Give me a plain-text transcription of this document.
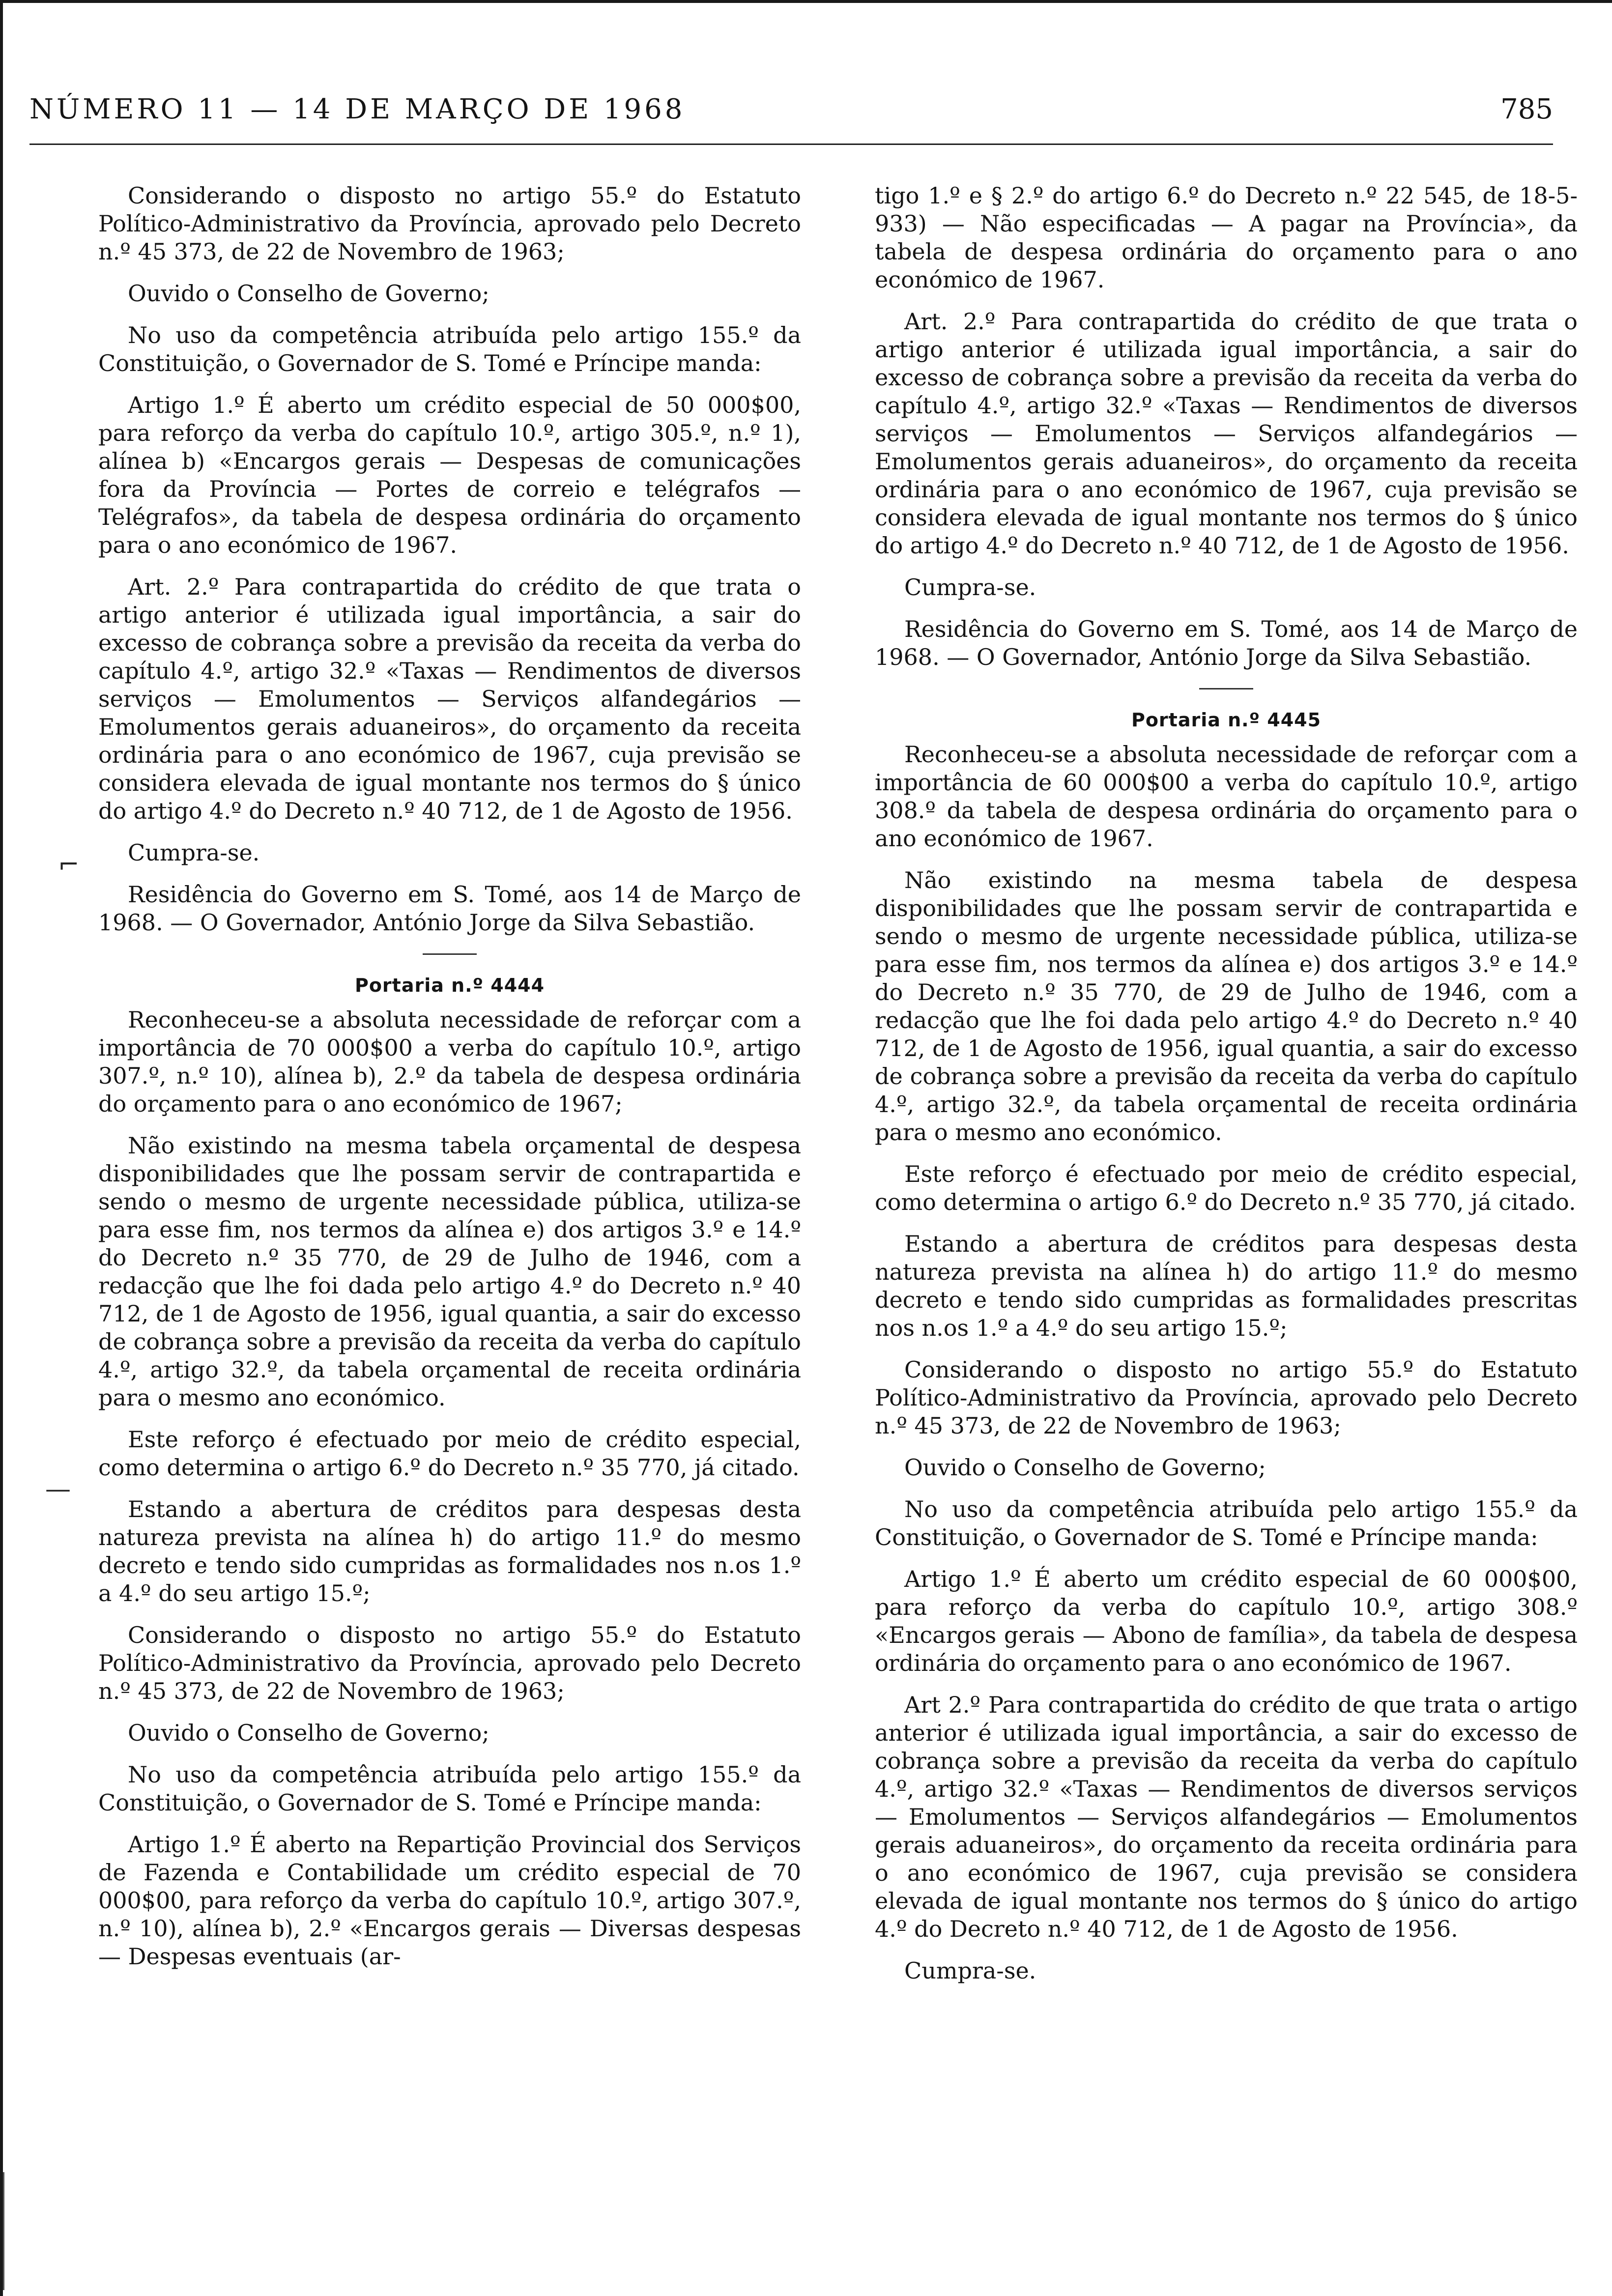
NÚMERO 11 — 14 DE MARÇO DE 1968	785
⌐
—

Considerando o disposto no artigo 55.º do Estatuto Político-Administrativo da Província, aprovado pelo Decreto n.º 45 373, de 22 de Novembro de 1963;

Ouvido o Conselho de Governo;

No uso da competência atribuída pelo artigo 155.º da Constituição, o Governador de S. Tomé e Príncipe manda:

Artigo 1.º É aberto um crédito especial de 50 000$00, para reforço da verba do capítulo 10.º, artigo 305.º, n.º 1), alínea b) «Encargos gerais — Despesas de comunicações fora da Província — Portes de correio e telégrafos — Telégrafos», da tabela de despesa ordinária do orçamento para o ano económico de 1967.

Art. 2.º Para contrapartida do crédito de que trata o artigo anterior é utilizada igual importância, a sair do excesso de cobrança sobre a previsão da receita da verba do capítulo 4.º, artigo 32.º «Taxas — Rendimentos de diversos serviços — Emolumentos — Serviços alfandegários — Emolumentos gerais aduaneiros», do orçamento da receita ordinária para o ano económico de 1967, cuja previsão se considera elevada de igual montante nos termos do § único do artigo 4.º do Decreto n.º 40 712, de 1 de Agosto de 1956.

Cumpra-se.

Residência do Governo em S. Tomé, aos 14 de Março de 1968. — O Governador, António Jorge da Silva Sebastião.

Portaria n.º 4444

Reconheceu-se a absoluta necessidade de reforçar com a importância de 70 000$00 a verba do capítulo 10.º, artigo 307.º, n.º 10), alínea b), 2.º da tabela de despesa ordinária do orçamento para o ano económico de 1967;

Não existindo na mesma tabela orçamental de despesa disponibilidades que lhe possam servir de contrapartida e sendo o mesmo de urgente necessidade pública, utiliza-se para esse fim, nos termos da alínea e) dos artigos 3.º e 14.º do Decreto n.º 35 770, de 29 de Julho de 1946, com a redacção que lhe foi dada pelo artigo 4.º do Decreto n.º 40 712, de 1 de Agosto de 1956, igual quantia, a sair do excesso de cobrança sobre a previsão da receita da verba do capítulo 4.º, artigo 32.º, da tabela orçamental de receita ordinária para o mesmo ano económico.

Este reforço é efectuado por meio de crédito especial, como determina o artigo 6.º do Decreto n.º 35 770, já citado.

Estando a abertura de créditos para despesas desta natureza prevista na alínea h) do artigo 11.º do mesmo decreto e tendo sido cumpridas as formalidades nos n.os 1.º a 4.º do seu artigo 15.º;

Considerando o disposto no artigo 55.º do Estatuto Político-Administrativo da Província, aprovado pelo Decreto n.º 45 373, de 22 de Novembro de 1963;

Ouvido o Conselho de Governo;

No uso da competência atribuída pelo artigo 155.º da Constituição, o Governador de S. Tomé e Príncipe manda:

Artigo 1.º É aberto na Repartição Provincial dos Serviços de Fazenda e Contabilidade um crédito especial de 70 000$00, para reforço da verba do capítulo 10.º, artigo 307.º, n.º 10), alínea b), 2.º «Encargos gerais — Diversas despesas — Despesas eventuais (ar-

tigo 1.º e § 2.º do artigo 6.º do Decreto n.º 22 545, de 18-5-933) — Não especificadas — A pagar na Província», da tabela de despesa ordinária do orçamento para o ano económico de 1967.

Art. 2.º Para contrapartida do crédito de que trata o artigo anterior é utilizada igual importância, a sair do excesso de cobrança sobre a previsão da receita da verba do capítulo 4.º, artigo 32.º «Taxas — Rendimentos de diversos serviços — Emolumentos — Serviços alfandegários — Emolumentos gerais aduaneiros», do orçamento da receita ordinária para o ano económico de 1967, cuja previsão se considera elevada de igual montante nos termos do § único do artigo 4.º do Decreto n.º 40 712, de 1 de Agosto de 1956.

Cumpra-se.

Residência do Governo em S. Tomé, aos 14 de Março de 1968. — O Governador, António Jorge da Silva Sebastião.

Portaria n.º 4445

Reconheceu-se a absoluta necessidade de reforçar com a importância de 60 000$00 a verba do capítulo 10.º, artigo 308.º da tabela de despesa ordinária do orçamento para o ano económico de 1967.

Não existindo na mesma tabela de despesa disponibilidades que lhe possam servir de contrapartida e sendo o mesmo de urgente necessidade pública, utiliza-se para esse fim, nos termos da alínea e) dos artigos 3.º e 14.º do Decreto n.º 35 770, de 29 de Julho de 1946, com a redacção que lhe foi dada pelo artigo 4.º do Decreto n.º 40 712, de 1 de Agosto de 1956, igual quantia, a sair do excesso de cobrança sobre a previsão da receita da verba do capítulo 4.º, artigo 32.º, da tabela orçamental de receita ordinária para o mesmo ano económico.

Este reforço é efectuado por meio de crédito especial, como determina o artigo 6.º do Decreto n.º 35 770, já citado.

Estando a abertura de créditos para despesas desta natureza prevista na alínea h) do artigo 11.º do mesmo decreto e tendo sido cumpridas as formalidades prescritas nos n.os 1.º a 4.º do seu artigo 15.º;

Considerando o disposto no artigo 55.º do Estatuto Político-Administrativo da Província, aprovado pelo Decreto n.º 45 373, de 22 de Novembro de 1963;

Ouvido o Conselho de Governo;

No uso da competência atribuída pelo artigo 155.º da Constituição, o Governador de S. Tomé e Príncipe manda:

Artigo 1.º É aberto um crédito especial de 60 000$00, para reforço da verba do capítulo 10.º, artigo 308.º «Encargos gerais — Abono de família», da tabela de despesa ordinária do orçamento para o ano económico de 1967.

Art 2.º Para contrapartida do crédito de que trata o artigo anterior é utilizada igual importância, a sair do excesso de cobrança sobre a previsão da receita da verba do capítulo 4.º, artigo 32.º «Taxas — Rendimentos de diversos serviços — Emolumentos — Serviços alfandegários — Emolumentos gerais aduaneiros», do orçamento da receita ordinária para o ano económico de 1967, cuja previsão se considera elevada de igual montante nos termos do § único do artigo 4.º do Decreto n.º 40 712, de 1 de Agosto de 1956.

Cumpra-se.
